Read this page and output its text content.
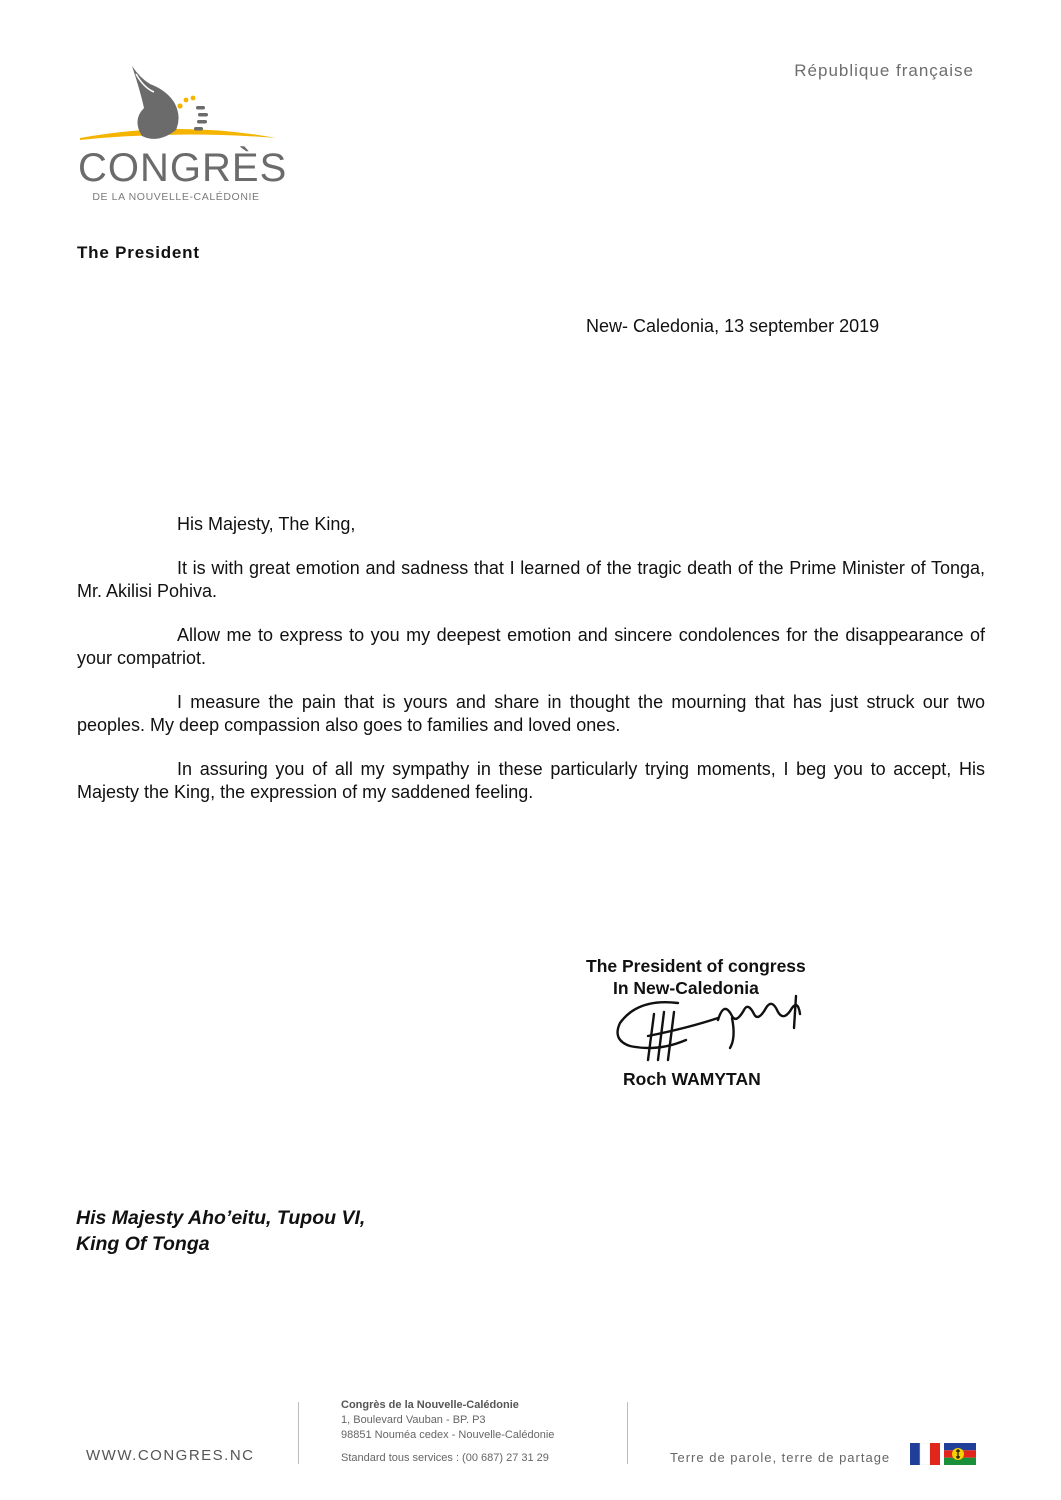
CONGRÈS
DE LA NOUVELLE-CALÉDONIE
République française
The President
New- Caledonia, 13 september 2019

His Majesty, The King,

It is with great emotion and sadness that I learned of the tragic death of the Prime Minister of Tonga, Mr. Akilisi Pohiva.

Allow me to express to you my deepest emotion and sincere condolences for the disappearance of your compatriot.

I measure the pain that is yours and share in thought the mourning that has just struck our two peoples. My deep compassion also goes to families and loved ones.

In assuring you of all my sympathy in these particularly trying moments, I beg you to accept, His Majesty the King, the expression of my saddened feeling.

The President of congress
In New-Caledonia
Roch WAMYTAN
His Majesty Aho’eitu, Tupou VI,
King Of Tonga
WWW.CONGRES.NC
Congrès de la Nouvelle-Calédonie
1, Boulevard Vauban - BP. P3
98851 Nouméa cedex - Nouvelle-Calédonie
Standard tous services : (00 687) 27 31 29	Terre de parole, terre de partage
